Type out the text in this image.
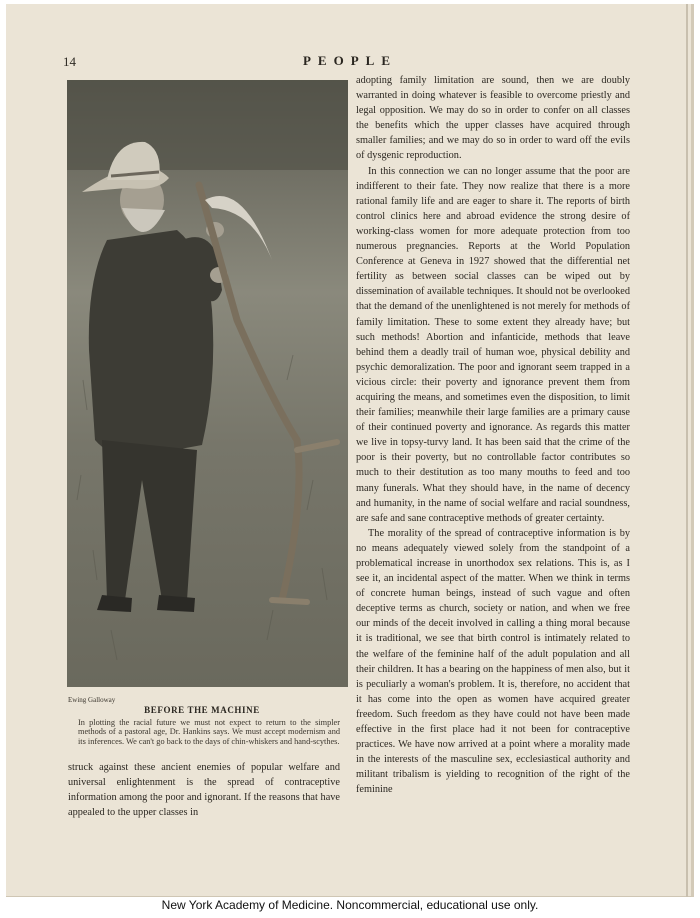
14	PEOPLE
Ewing Galloway
BEFORE THE MACHINE
In plotting the racial future we must not expect to return to the simpler methods of a pastoral age, Dr. Hankins says. We must accept modernism and its inferences. We can't go back to the days of chin-whiskers and hand-scythes.

struck against these ancient enemies of popular welfare and universal enlightenment is the spread of contraceptive information among the poor and ignorant. If the reasons that have appealed to the upper classes in

adopting family limitation are sound, then we are doubly warranted in doing whatever is feasible to overcome priestly and legal opposition. We may do so in order to confer on all classes the benefits which the upper classes have acquired through smaller families; and we may do so in order to ward off the evils of dysgenic reproduction.

In this connection we can no longer assume that the poor are indifferent to their fate. They now realize that there is a more rational family life and are eager to share it. The reports of birth control clinics here and abroad evidence the strong desire of working-class women for more adequate protection from too numerous pregnancies. Reports at the World Population Conference at Geneva in 1927 showed that the differential net fertility as between social classes can be wiped out by dissemination of available techniques. It should not be overlooked that the demand of the unenlightened is not merely for methods of family limitation. These to some extent they already have; but such methods! Abortion and infanticide, methods that leave behind them a deadly trail of human woe, physical debility and psychic demoralization. The poor and ignorant seem trapped in a vicious circle: their poverty and ignorance prevent them from acquiring the means, and sometimes even the disposition, to limit their families; meanwhile their large families are a primary cause of their continued poverty and ignorance. As regards this matter we live in topsy-turvy land. It has been said that the crime of the poor is their poverty, but no controllable factor contributes so much to their destitution as too many mouths to feed and too many funerals. What they should have, in the name of decency and humanity, in the name of social welfare and racial soundness, are safe and sane contraceptive methods of greater certainty.

The morality of the spread of contraceptive information is by no means adequately viewed solely from the standpoint of a problematical increase in unorthodox sex relations. This is, as I see it, an incidental aspect of the matter. When we think in terms of concrete human beings, instead of such vague and often deceptive terms as church, society or nation, and when we free our minds of the deceit involved in calling a thing moral because it is traditional, we see that birth control is intimately related to the welfare of the feminine half of the adult population and all their children. It has a bearing on the happiness of men also, but it is peculiarly a woman's problem. It is, therefore, no accident that it has come into the open as women have acquired greater freedom. Such freedom as they have could not have been made effective in the first place had it not been for contraceptive practices. We have now arrived at a point where a morality made in the interests of the masculine sex, ecclesiastical authority and militant tribalism is yielding to recognition of the right of the feminine

New York Academy of Medicine. Noncommercial, educational use only.
